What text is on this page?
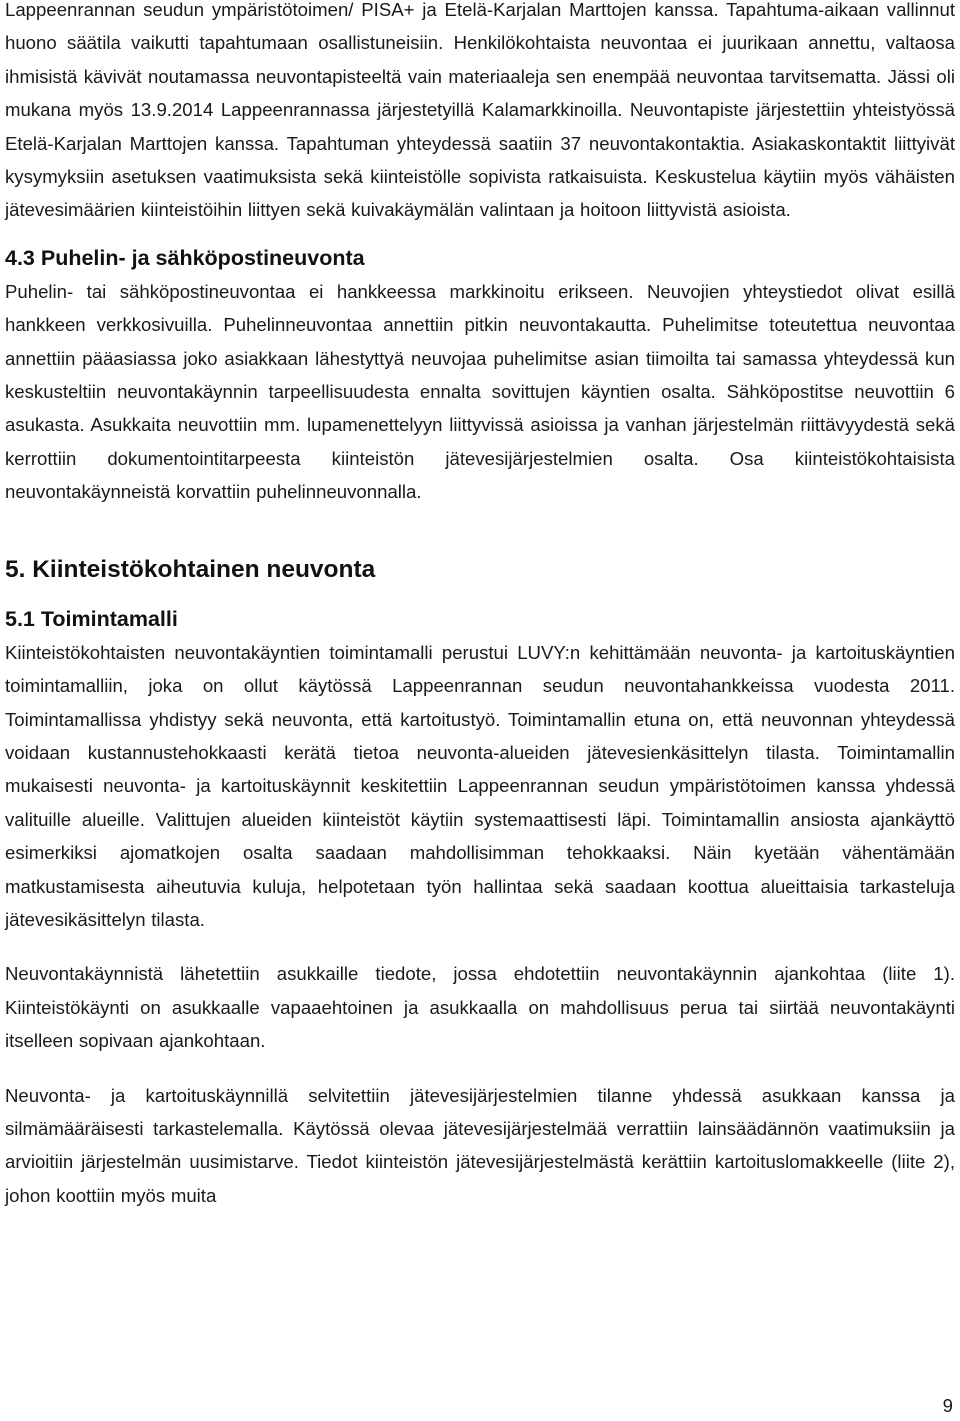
Lappeenrannan seudun ympäristötoimen/ PISA+ ja Etelä-Karjalan Marttojen kanssa. Tapahtuma-aikaan vallinnut huono säätila vaikutti tapahtumaan osallistuneisiin. Henkilökohtaista neuvontaa ei juurikaan annettu, valtaosa ihmisistä kävivät noutamassa neuvontapisteeltä vain materiaaleja sen enempää neuvontaa tarvitsematta. Jässi oli mukana myös 13.9.2014 Lappeenrannassa järjestetyillä Kalamarkkinoilla. Neuvontapiste järjestettiin yhteistyössä Etelä-Karjalan Marttojen kanssa. Tapahtuman yhteydessä saatiin 37 neuvontakontaktia. Asiakaskontaktit liittyivät kysymyksiin asetuksen vaatimuksista sekä kiinteistölle sopivista ratkaisuista. Keskustelua käytiin myös vähäisten jätevesimäärien kiinteistöihin liittyen sekä kuivakäymälän valintaan ja hoitoon liittyvistä asioista.

4.3 Puhelin- ja sähköpostineuvonta

Puhelin- tai sähköpostineuvontaa ei hankkeessa markkinoitu erikseen. Neuvojien yhteystiedot olivat esillä hankkeen verkkosivuilla. Puhelinneuvontaa annettiin pitkin neuvontakautta. Puhelimitse toteutettua neuvontaa annettiin pääasiassa joko asiakkaan lähestyttyä neuvojaa puhelimitse asian tiimoilta tai samassa yhteydessä kun keskusteltiin neuvontakäynnin tarpeellisuudesta ennalta sovittujen käyntien osalta. Sähköpostitse neuvottiin 6 asukasta. Asukkaita neuvottiin mm. lupamenettelyyn liittyvissä asioissa ja vanhan järjestelmän riittävyydestä sekä kerrottiin dokumentointitarpeesta kiinteistön jätevesijärjestelmien osalta. Osa kiinteistökohtaisista neuvontakäynneistä korvattiin puhelinneuvonnalla.

5. Kiinteistökohtainen neuvonta
5.1 Toimintamalli

Kiinteistökohtaisten neuvontakäyntien toimintamalli perustui LUVY:n kehittämään neuvonta- ja kartoituskäyntien toimintamalliin, joka on ollut käytössä Lappeenrannan seudun neuvontahankkeissa vuodesta 2011. Toimintamallissa yhdistyy sekä neuvonta, että kartoitustyö. Toimintamallin etuna on, että neuvonnan yhteydessä voidaan kustannustehokkaasti kerätä tietoa neuvonta-alueiden jätevesienkäsittelyn tilasta. Toimintamallin mukaisesti neuvonta- ja kartoituskäynnit keskitettiin Lappeenrannan seudun ympäristötoimen kanssa yhdessä valituille alueille. Valittujen alueiden kiinteistöt käytiin systemaattisesti läpi. Toimintamallin ansiosta ajankäyttö esimerkiksi ajomatkojen osalta saadaan mahdollisimman tehokkaaksi. Näin kyetään vähentämään matkustamisesta aiheutuvia kuluja, helpotetaan työn hallintaa sekä saadaan koottua alueittaisia tarkasteluja jätevesikäsittelyn tilasta.

Neuvontakäynnistä lähetettiin asukkaille tiedote, jossa ehdotettiin neuvontakäynnin ajankohtaa (liite 1). Kiinteistökäynti on asukkaalle vapaaehtoinen ja asukkaalla on mahdollisuus perua tai siirtää neuvontakäynti itselleen sopivaan ajankohtaan.

Neuvonta- ja kartoituskäynnillä selvitettiin jätevesijärjestelmien tilanne yhdessä asukkaan kanssa ja silmämääräisesti tarkastelemalla. Käytössä olevaa jätevesijärjestelmää verrattiin lainsäädännön vaatimuksiin ja arvioitiin järjestelmän uusimistarve. Tiedot kiinteistön jätevesijärjestelmästä kerättiin kartoituslomakkeelle (liite 2), johon koottiin myös muita

9
